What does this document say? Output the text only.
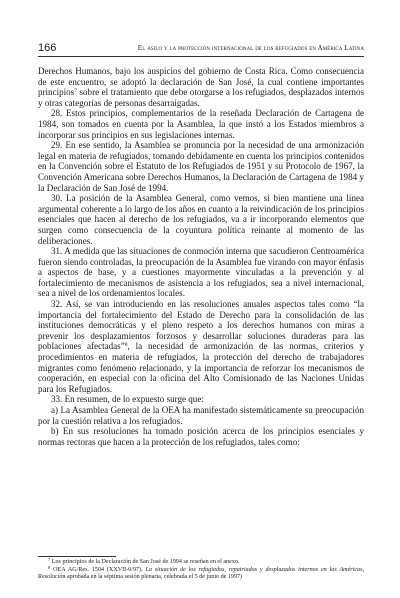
166	El asilo y la protección internacional de los refugiados en América Latina

Derechos Humanos, bajo los auspicios del gobierno de Costa Rica. Como consecuencia de este encuentro, se adoptó la declaración de San José, la cual contiene importantes principios$^7$ sobre el tratamiento que debe otorgarse a los refugiados, desplazados internos y otras categorías de personas desarraigadas.

28. Estos principios, complementarios de la reseñada Declaración de Cartagena de 1984, son tomados en cuenta por la Asamblea, la que instó a los Estados miembros a incorporar sus principios en sus legislaciones internas.

29. En ese sentido, la Asamblea se pronuncia por la necesidad de una armonización legal en materia de refugiados, tomando debidamente en cuenta los principios contenidos en la Convención sobre el Estatuto de los Refugiados de 1951 y su Protocolo de 1967, la Convención Americana sobre Derechos Humanos, la Declaración de Cartagena de 1984 y la Declaración de San José de 1994.

30. La posición de la Asamblea General, como vemos, si bien mantiene una línea argumental coherente a lo largo de los años en cuanto a la reivindicación de los principios esenciales que hacen al derecho de los refugiados, va a ir incorporando elementos que surgen como consecuencia de la coyuntura política reinante al momento de las deliberaciones.

31. A medida que las situaciones de conmoción interna que sacudieron Centroamérica fueron siendo controladas, la preocupación de la Asamblea fue virando con mayor énfasis a aspectos de base, y a cuestiones mayormente vinculadas a la prevención y al fortalecimiento de mecanismos de asistencia a los refugiados, sea a nivel internacional, sea a nivel de los ordenamientos locales.

32. Así, se van introduciendo en las resoluciones anuales aspectos tales como “la importancia del fortalecimiento del Estado de Derecho para la consolidación de las instituciones democráticas y el pleno respeto a los derechos humanos con miras a prevenir los desplazamientos forzosos y desarrollar soluciones duraderas para las poblaciones afectadas”$^8$, la necesidad de armonización de las normas, criterios y procedimientos en materia de refugiados, la protección del derecho de trabajadores migrantes como fenómeno relacionado, y la importancia de reforzar los mecanismos de cooperación, en especial con la oficina del Alto Comisionado de las Naciones Unidas para los Refugiados.

33. En resumen, de lo expuesto surge que:

a) La Asamblea General de la OEA ha manifestado sistemáticamente su preocupación por la cuestión relativa a los refugiados.

b) En sus resoluciones ha tomado posición acerca de los principios esenciales y normas rectoras que hacen a la protección de los refugiados, tales como:

$^7$ Los principios de la Declaración de San José de 1994 se reseñan en el anexo.

$^8$ OEA AG/Res. 1504 (XXVII-0/97), La situación de los refugiados, repatriados y desplazados internos en las Américas, Resolución aprobada en la séptima sesión plenaria, celebrada el 5 de junio de 1997)
